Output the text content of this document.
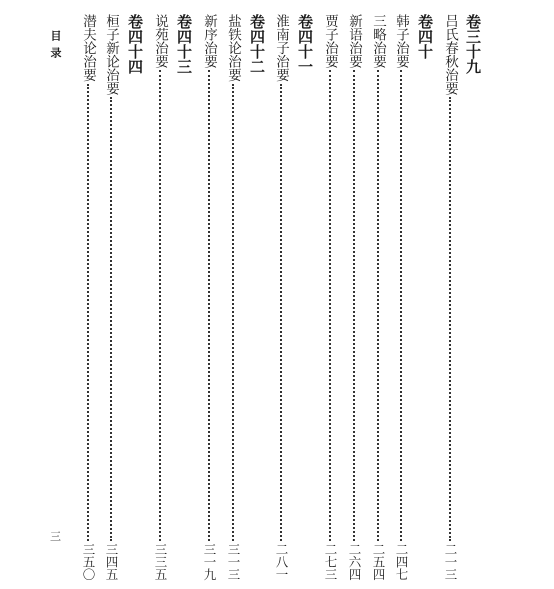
卷三十九
吕氏春秋治要
二一三
卷四十
韩子治要
二四七
三略治要
二五四
新语治要
二六四
贾子治要
二七三
卷四十一
淮南子治要
二八一
卷四十二
盐铁论治要
三一三
新序治要
三一九
卷四十三
说苑治要
三三五
卷四十四
桓子新论治要
三四五
潜夫论治要
三五〇
目录
三
